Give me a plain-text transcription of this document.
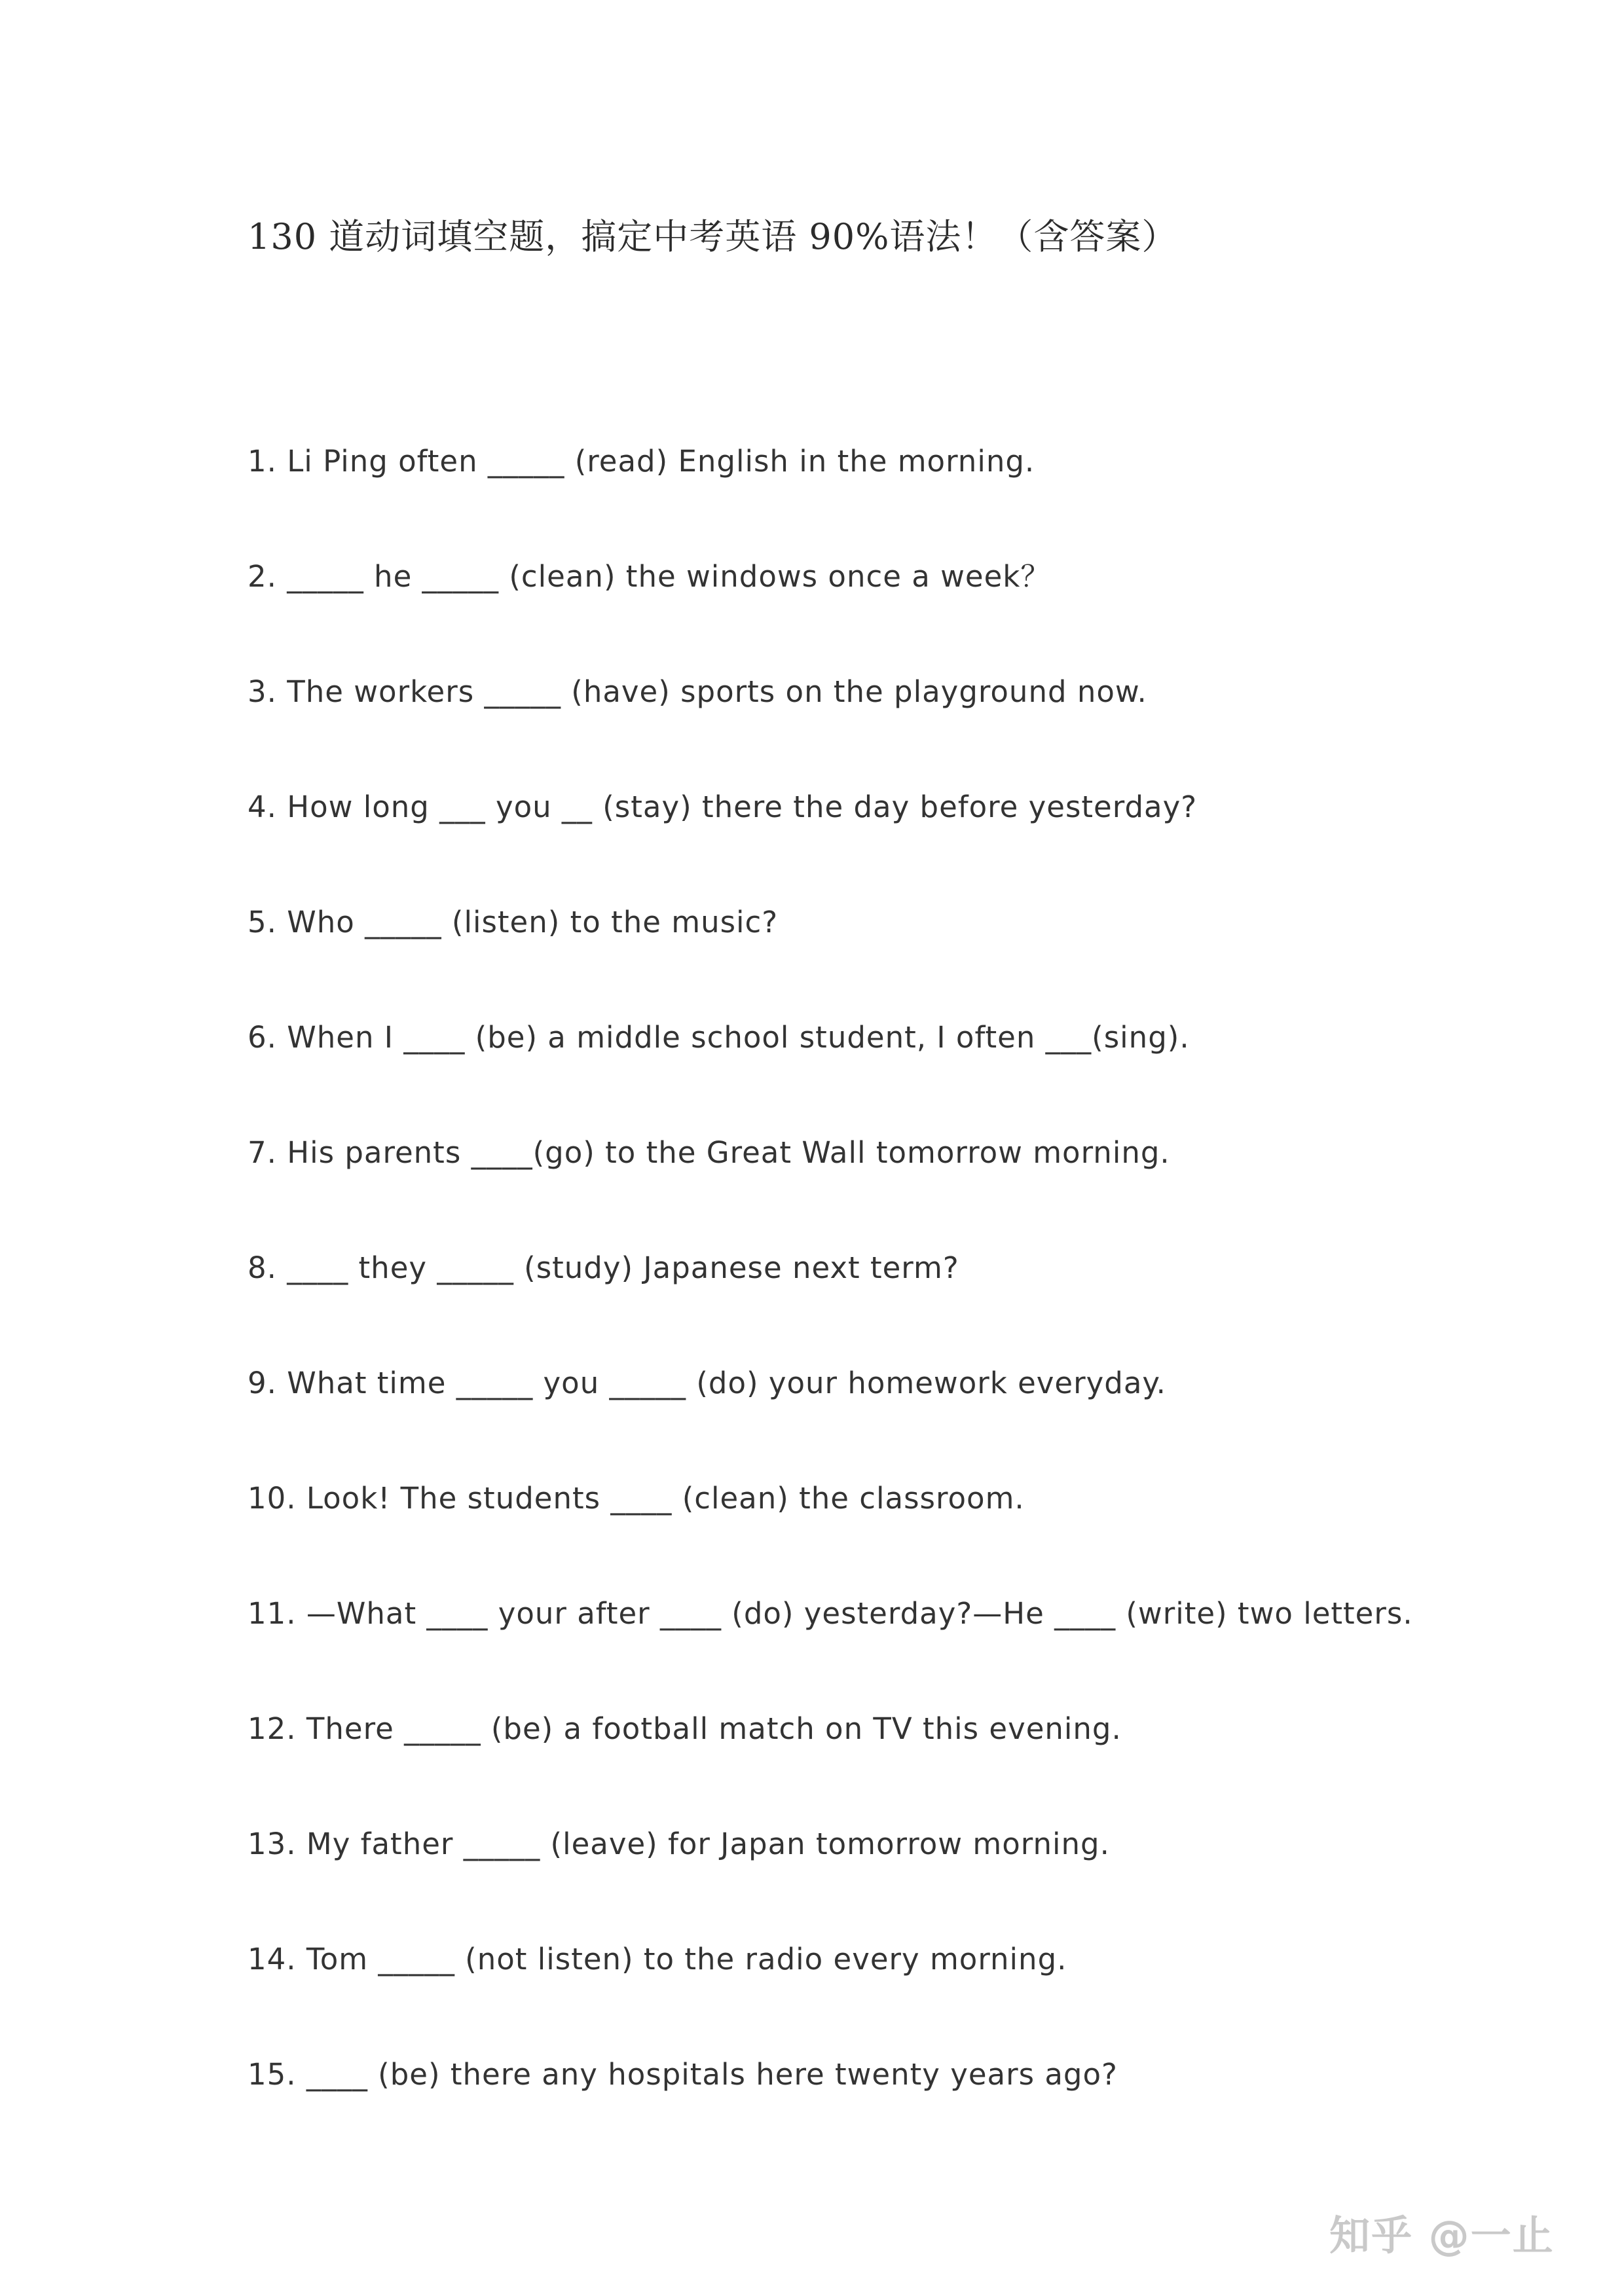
130 道动词填空题，搞定中考英语 90%语法！（含答案）
1. Li Ping often _____ (read) English in the morning.
2. _____ he _____ (clean) the windows once a week？
3. The workers _____ (have) sports on the playground now.
4. How long ___ you __ (stay) there the day before yesterday?
5. Who _____ (listen) to the music?
6. When I ____ (be) a middle school student, I often ___(sing).
7. His parents ____(go) to the Great Wall tomorrow morning.
8. ____ they _____ (study) Japanese next term?
9. What time _____ you _____ (do) your homework everyday.
10. Look! The students ____ (clean) the classroom.
11. —What ____ your after ____ (do) yesterday?—He ____ (write) two letters.
12. There _____ (be) a football match on TV this evening.
13. My father _____ (leave) for Japan tomorrow morning.
14. Tom _____ (not listen) to the radio every morning.
15. ____ (be) there any hospitals here twenty years ago?
知乎 @一止
